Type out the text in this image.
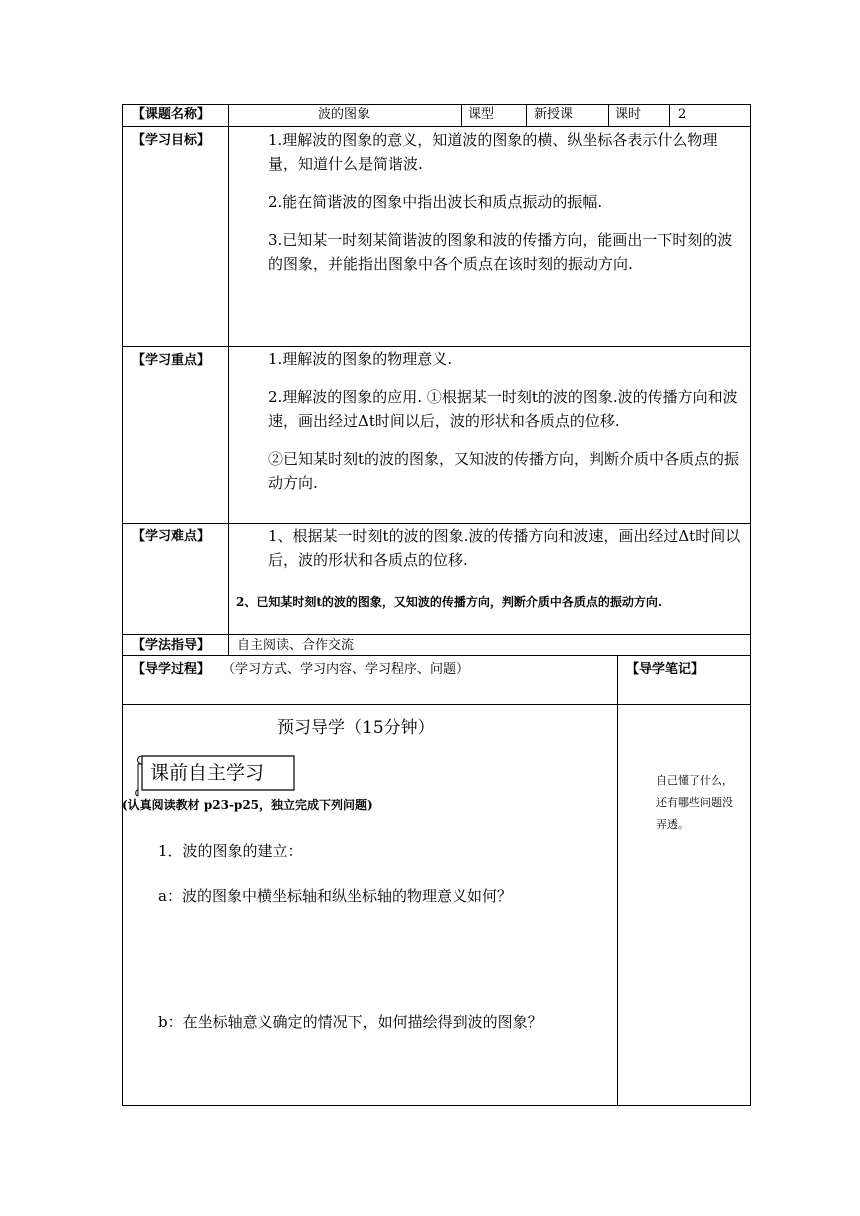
【课题名称】	波的图象	课型	新授课	课时	2
【学习目标】	1.理解波的图象的意义，知道波的图象的横、纵坐标各表示什么物理量，知道什么是简谐波.

2.能在简谐波的图象中指出波长和质点振动的振幅.

3.已知某一时刻某简谐波的图象和波的传播方向，能画出一下时刻的波的图象，并能指出图象中各个质点在该时刻的振动方向.

【学习重点】	1.理解波的图象的物理意义.

2.理解波的图象的应用. ①根据某一时刻t的波的图象.波的传播方向和波速，画出经过Δt时间以后，波的形状和各质点的位移.

②已知某时刻t的波的图象，又知波的传播方向，判断介质中各质点的振动方向.

【学习难点】	1、根据某一时刻t的波的图象.波的传播方向和波速，画出经过Δt时间以后，波的形状和各质点的位移.
2、已知某时刻t的波的图象，又知波的传播方向，判断介质中各质点的振动方向.
【学法指导】 自主阅读、合作交流
【导学过程】 （学习方式、学习内容、学习程序、问题）	【导学笔记】
预习导学（15分钟）
课前自主学习
(认真阅读教材 p23-p25，独立完成下列问题)
1．波的图象的建立：
a：波的图象中横坐标轴和纵坐标轴的物理意义如何？
b：在坐标轴意义确定的情况下，如何描绘得到波的图象？
自己懂了什么，还有哪些问题没弄透。
